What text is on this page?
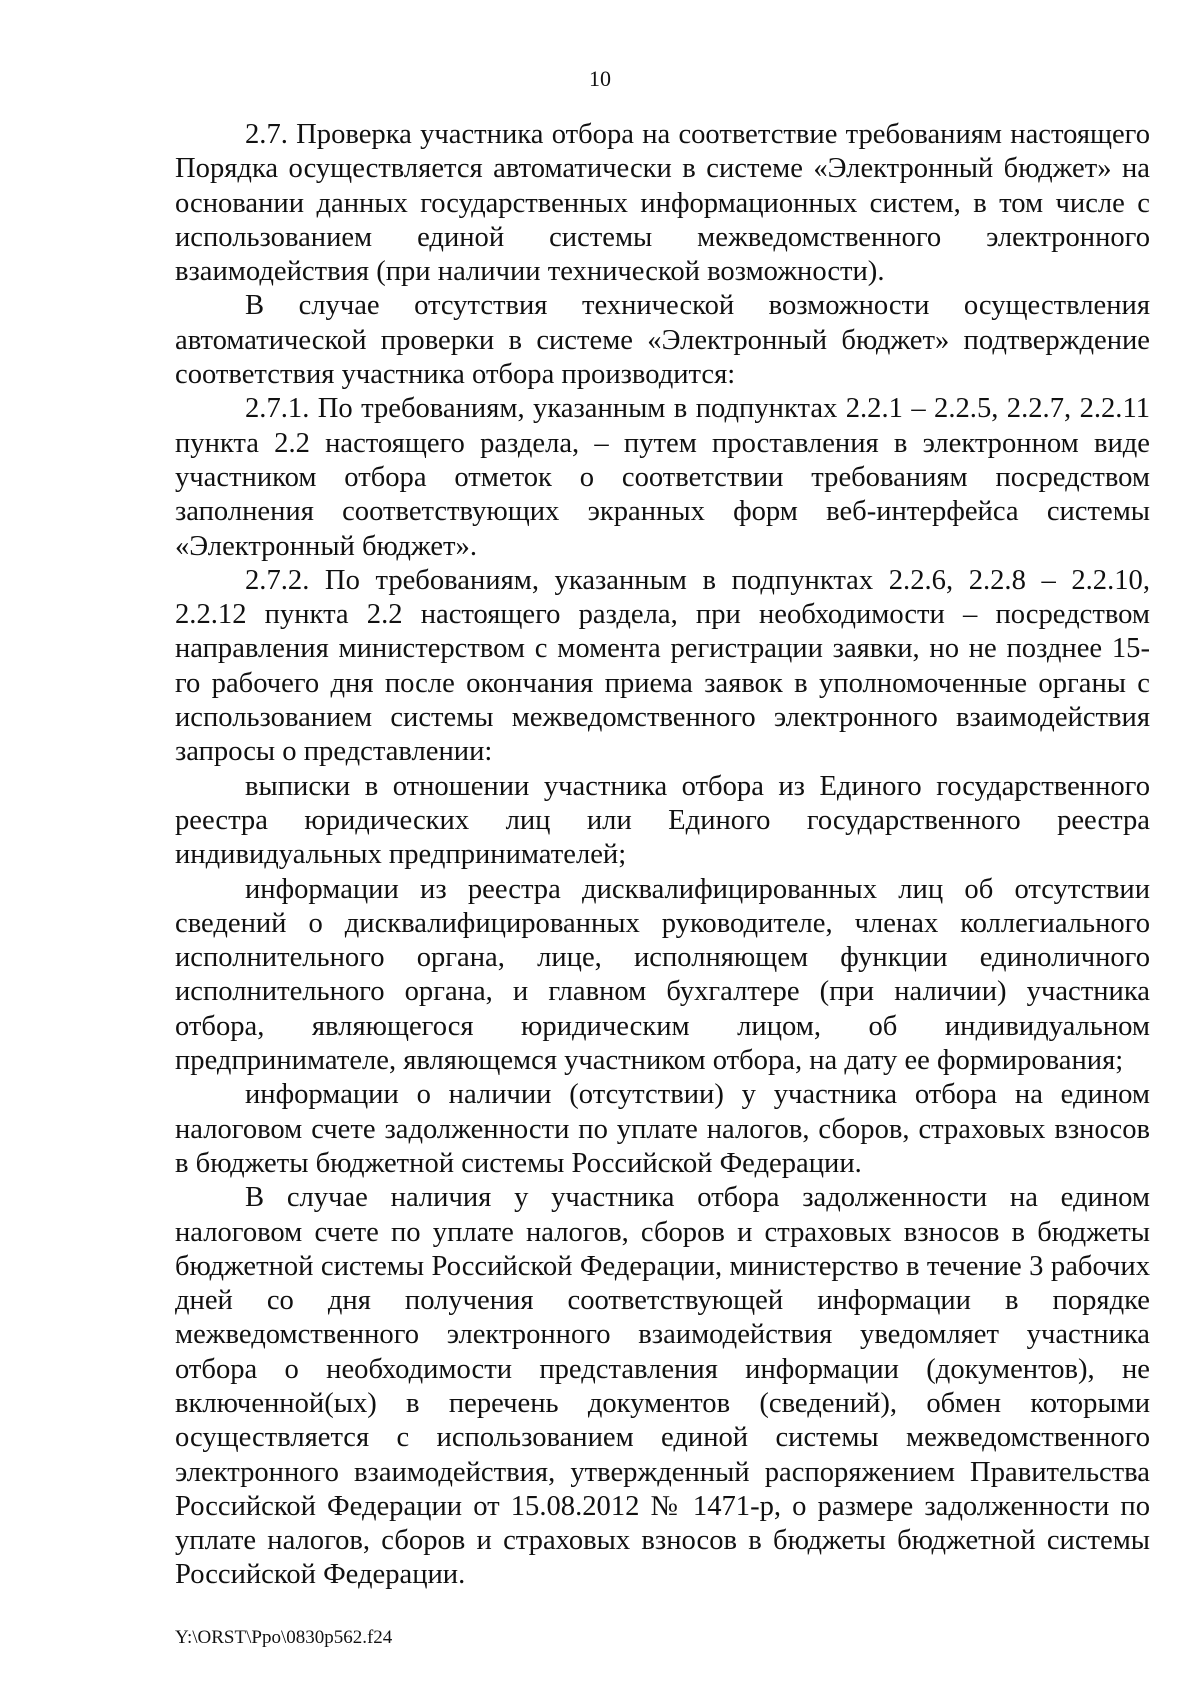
10

2.7. Проверка участника отбора на соответствие требованиям настоящего Порядка осуществляется автоматически в системе «Электронный бюджет» на основании данных государственных информационных систем, в том числе с использованием единой системы межведомственного электронного взаимодействия (при наличии технической возможности).

В случае отсутствия технической возможности осуществления автоматической проверки в системе «Электронный бюджет» подтверждение соответствия участника отбора производится:

2.7.1. По требованиям, указанным в подпунктах 2.2.1 – 2.2.5, 2.2.7, 2.2.11 пункта 2.2 настоящего раздела, – путем проставления в электронном виде участником отбора отметок о соответствии требованиям посредством заполнения соответствующих экранных форм веб-интерфейса системы «Электронный бюджет».

2.7.2. По требованиям, указанным в подпунктах 2.2.6, 2.2.8 – 2.2.10, 2.2.12 пункта 2.2 настоящего раздела, при необходимости – посредством направления министерством с момента регистрации заявки, но не позднее 15-го рабочего дня после окончания приема заявок в уполномоченные органы с использованием системы межведомственного электронного взаимодействия запросы о представлении:

выписки в отношении участника отбора из Единого государственного реестра юридических лиц или Единого государственного реестра индивидуальных предпринимателей;

информации из реестра дисквалифицированных лиц об отсутствии сведений о дисквалифицированных руководителе, членах коллегиального исполнительного органа, лице, исполняющем функции единоличного исполнительного органа, и главном бухгалтере (при наличии) участника отбора, являющегося юридическим лицом, об индивидуальном предпринимателе, являющемся участником отбора, на дату ее формирования;

информации о наличии (отсутствии) у участника отбора на едином налоговом счете задолженности по уплате налогов, сборов, страховых взносов в бюджеты бюджетной системы Российской Федерации.

В случае наличия у участника отбора задолженности на едином налоговом счете по уплате налогов, сборов и страховых взносов в бюджеты бюджетной системы Российской Федерации, министерство в течение 3 рабочих дней со дня получения соответствующей информации в порядке межведомственного электронного взаимодействия уведомляет участника отбора о необходимости представления информации (документов), не включенной(ых) в перечень документов (сведений), обмен которыми осуществляется с использованием единой системы межведомственного электронного взаимодействия, утвержденный распоряжением Правительства Российской Федерации от 15.08.2012 № 1471-р, о размере задолженности по уплате налогов, сборов и страховых взносов в бюджеты бюджетной системы Российской Федерации.

Y:\ORST\Ppo\0830p562.f24
